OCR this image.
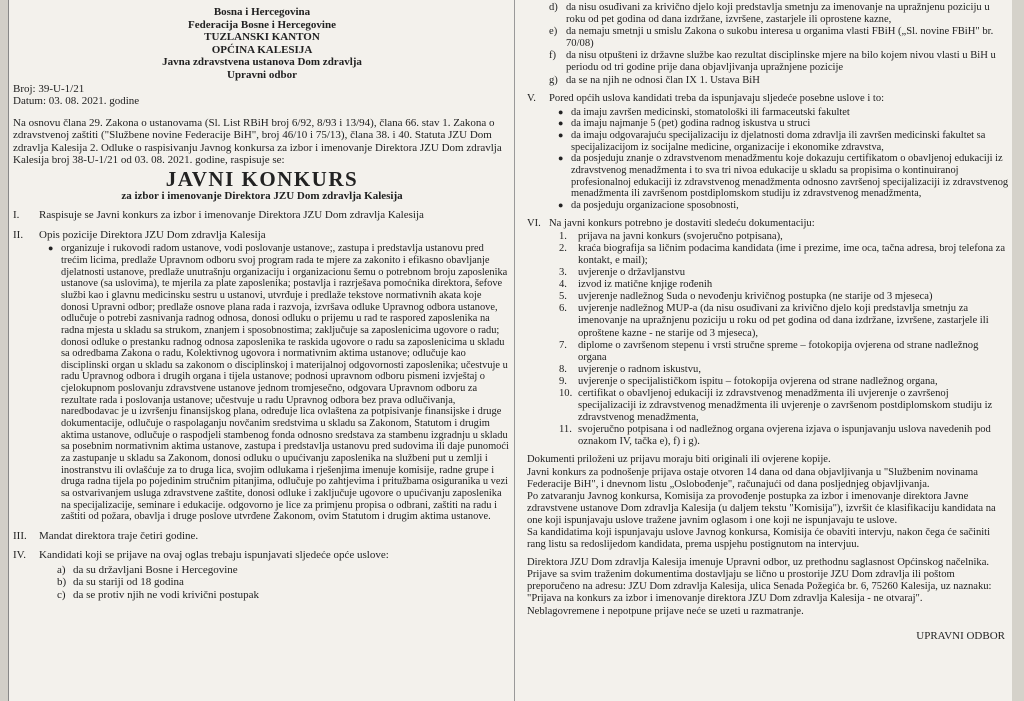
Bosna i Hercegovina
Federacija Bosne i Hercegovine
TUZLANSKI KANTON
OPĆINA KALESIJA
Javna zdravstvena ustanova Dom zdravlja
Upravni odbor
Broj: 39-U-1/21
Datum: 03. 08. 2021. godine
Na osnovu člana 29. Zakona o ustanovama (Sl. List RBiH broj 6/92, 8/93 i 13/94), člana 66. stav 1. Zakona o zdravstvenoj zaštiti ("Službene novine Federacije BiH", broj 46/10 i 75/13), člana 38. i 40. Statuta JZU Dom zdravlja Kalesija 2. Odluke o raspisivanju Javnog konkursa za izbor i imenovanje Direktora JZU Dom zdravlja Kalesija broj 38-U-1/21 od 03. 08. 2021. godine, raspisuje se:
JAVNI KONKURS
za izbor i imenovanje Direktora JZU Dom zdravlja Kalesija
I.	Raspisuje se Javni konkurs za izbor i imenovanje Direktora JZU Dom zdravlja Kalesija
II.	Opis pozicije Direktora JZU Dom zdravlja Kalesija
● organizuje i rukovodi radom ustanove, vodi poslovanje ustanove;, zastupa i predstavlja ustanovu pred trećim licima, predlaže Upravnom odboru svoj program rada te mjere za zakonito i efikasno obavljanje djelatnosti ustanove, predlaže unutrašnju organizaciju i organizacionu šemu o potrebnom broju zaposlenika ustanove (sa uslovima), te mjerila za plate zaposlenika; postavlja i razrješava pomoćnika direktora, šefove službi kao i glavnu medicinsku sestru u ustanovi, utvrđuje i predlaže tekstove normativnih akata koje donosi Upravni odbor; predlaže osnove plana rada i razvoja, izvršava odluke Upravnog odbora ustanove, odlučuje o potrebi zasnivanja radnog odnosa, donosi odluku o prijemu u rad te raspored zaposlenika na radna mjesta u skladu sa strukom, znanjem i sposobnostima; zaključuje sa zaposlenicima ugovore o radu; donosi odluke o prestanku radnog odnosa zaposlenika te raskida ugovore o radu sa zaposlenicima u skladu sa odredbama Zakona o radu, Kolektivnog ugovora i normativnim aktima ustanove; odlučuje kao disciplinski organ u skladu sa zakonom o disciplinskoj i materijalnoj odgovornosti zaposlenika; učestvuje u radu Upravnog odbora i drugih organa i tijela ustanove; podnosi upravnom odboru pismeni izvještaj o cjelokupnom poslovanju zdravstvene ustanove jednom tromjesečno, odgovara Upravnom odboru za rezultate rada i poslovanja ustanove; učestvuje u radu Upravnog odbora bez prava odlučivanja, naredbodavac je u izvršenju finansijskog plana, određuje lica ovlaštena za potpisivanje finansijske i druge dokumentacije, odlučuje o raspolaganju novčanim sredstvima u skladu sa Zakonom, Statutom i drugim aktima ustanove, odlučuje o raspodjeli stambenog fonda odnosno sredstava za stambenu izgradnju u skladu sa posebnim normativnim aktima ustanove, zastupa i predstavlja ustanovu pred sudovima ili daje punomoći za zastupanje u skladu sa Zakonom, donosi odluku o upućivanju zaposlenika na službeni put u zemlji i inostranstvu ili ovlašćuje za to druga lica, svojim odlukama i rješenjima imenuje komisije, radne grupe i druga radna tijela po pojedinim stručnim pitanjima, odlučuje po zahtjevima i pritužbama osiguranika u vezi sa ostvarivanjem usluga zdravstvene zaštite, donosi odluke i zaključuje ugovore o upućivanju zaposlenika na specijalizacije, seminare i edukacije. odgovorno je lice za primjenu propisa o odbrani, zaštiti na radu i zaštiti od požara, obavlja i druge poslove utvrđene Zakonom, ovim Statutom i drugim aktima ustanove.
III.	Mandat direktora traje četiri godine.
IV.	Kandidati koji se prijave na ovaj oglas trebaju ispunjavati sljedeće opće uslove:
a) da su državljani Bosne i Hercegovine
b) da su stariji od 18 godina
c) da se protiv njih ne vodi krivični postupak
d) da nisu osuđivani za krivično djelo koji predstavlja smetnju za imenovanje na upražnjenu poziciju u roku od pet godina od dana izdržane, izvršene, zastarjele ili oprostene kazne,
e) da nemaju smetnji u smislu Zakona o sukobu interesa u organima vlasti FBiH („Sl. novine FBiH" br. 70/08)
f) da nisu otpušteni iz državne službe kao rezultat disciplinske mjere na bilo kojem nivou vlasti u BiH u periodu od tri godine prije dana objavljivanja upražnjene pozicije
g) da se na njih ne odnosi član IX 1. Ustava BiH
V.	Pored općih uslova kandidati treba da ispunjavaju sljedeće posebne uslove i to:
● da imaju završen medicinski, stomatološki ili farmaceutski fakultet
● da imaju najmanje 5 (pet) godina radnog iskustva u struci
● da imaju odgovarajuću specijalizaciju iz djelatnosti doma zdravlja ili završen medicinski fakultet sa specijalizacijom iz socijalne medicine, organizacije i ekonomike zdravstva,
● da posjeduju znanje o zdravstvenom menadžmentu koje dokazuju certifikatom o obavljenoj edukaciji iz zdravstvenog menadžmenta i to sva tri nivoa edukacije u skladu sa propisima o kontinuiranoj profesionalnoj edukaciji iz zdravstvenog menadžmenta odnosno završenoj specijalizaciji iz zdravstvenog menadžmenta ili završenom postdiplomskom studiju iz zdravstvenog menadžmenta,
● da posjeduju organizacione sposobnosti,
VI. Na javni konkurs potrebno je dostaviti sledeću dokumentaciju:
1.	prijava na javni konkurs (svojeručno potpisana),
2.	kraća biografija sa ličnim podacima kandidata (ime i prezime, ime oca, tačna adresa, broj telefona za kontakt, e mail);
3.	uvjerenje o državljanstvu
4.	izvod iz matične knjige rođenih
5.	uvjerenje nadležnog Suda o nevođenju krivičnog postupka (ne starije od 3 mjeseca)
6.	uvjerenje nadležnog MUP-a (da nisu osuđivani za krivično djelo koji predstavlja smetnju za imenovanje na upražnjenu poziciju u roku od pet godina od dana izdržane, izvršene, zastarjele ili oproštene kazne - ne starije od 3 mjeseca),
7.	diplome o završenom stepenu i vrsti stručne spreme – fotokopija ovjerena od strane nadležnog organa
8.	uvjerenje o radnom iskustvu,
9.	uvjerenje o specijalističkom ispitu – fotokopija ovjerena od strane nadležnog organa,
10. certifikat o obavljenoj edukaciji iz zdravstvenog menadžmenta ili uvjerenje o završenoj specijalizaciji iz zdravstvenog menadžmenta ili uvjerenje o završenom postdiplomskom studiju iz zdravstvenog menadžmenta,
11. svojeručno potpisana i od nadležnog organa ovjerena izjava o ispunjavanju uslova navedenih pod oznakom IV, tačka e), f) i g).
Dokumenti priloženi uz prijavu moraju biti originali ili ovjerene kopije.
Javni konkurs za podnošenje prijava ostaje otvoren 14 dana od dana objavljivanja u "Službenim novinama Federacije BiH", i dnevnom listu „Oslobođenje", računajući od dana posljednjeg objavljivanja.
Po zatvaranju Javnog konkursa, Komisija za provođenje postupka za izbor i imenovanje direktora Javne zdravstvene ustanove Dom zdravlja Kalesija (u daljem tekstu "Komisija"), izvršit će klasifikaciju kandidata na one koji ispunjavaju uslove tražene javnim oglasom i one koji ne ispunjavaju te uslove.
Sa kandidatima koji ispunjavaju uslove Javnog konkursa, Komisija će obaviti intervju, nakon čega će sačiniti rang listu sa redoslijedom kandidata, prema uspjehu postignutom na intervjuu.
Direktora JZU Dom zdravlja Kalesija imenuje Upravni odbor, uz prethodnu saglasnost Općinskog načelnika. Prijave sa svim traženim dokumentima dostavljaju se lično u prostorije JZU Dom zdravlja ili poštom preporučeno na adresu: JZU Dom zdravlja Kalesija, ulica Senada Požegića br. 6, 75260 Kalesija, uz naznaku: "Prijava na konkurs za izbor i imenovanje direktora JZU Dom zdravlja Kalesija - ne otvaraj".
Neblagovremene i nepotpune prijave neće se uzeti u razmatranje.
UPRAVNI ODBOR
